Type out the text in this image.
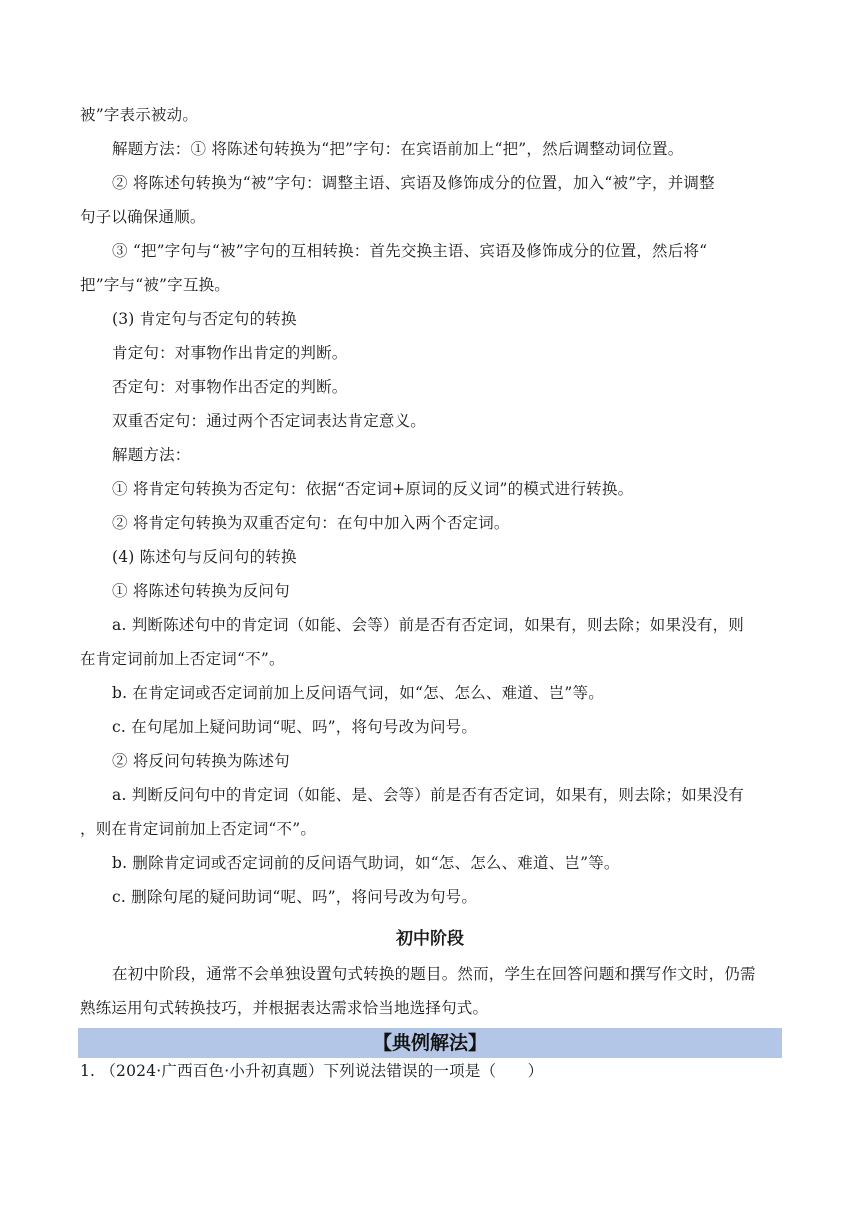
被”字表示被动。
解题方法：① 将陈述句转换为“把”字句：在宾语前加上“把”，然后调整动词位置。
② 将陈述句转换为“被”字句：调整主语、宾语及修饰成分的位置，加入“被”字，并调整
句子以确保通顺。
③ “把”字句与“被”字句的互相转换：首先交换主语、宾语及修饰成分的位置，然后将“
把”字与“被”字互换。
(3) 肯定句与否定句的转换
肯定句：对事物作出肯定的判断。
否定句：对事物作出否定的判断。
双重否定句：通过两个否定词表达肯定意义。
解题方法：
① 将肯定句转换为否定句：依据“否定词+原词的反义词”的模式进行转换。
② 将肯定句转换为双重否定句：在句中加入两个否定词。
(4) 陈述句与反问句的转换
① 将陈述句转换为反问句
a. 判断陈述句中的肯定词（如能、会等）前是否有否定词，如果有，则去除；如果没有，则
在肯定词前加上否定词“不”。
b. 在肯定词或否定词前加上反问语气词，如“怎、怎么、难道、岂”等。
c. 在句尾加上疑问助词“呢、吗”，将句号改为问号。
② 将反问句转换为陈述句
a. 判断反问句中的肯定词（如能、是、会等）前是否有否定词，如果有，则去除；如果没有
，则在肯定词前加上否定词“不”。
b. 删除肯定词或否定词前的反问语气助词，如“怎、怎么、难道、岂”等。
c. 删除句尾的疑问助词“呢、吗”，将问号改为句号。
初中阶段
在初中阶段，通常不会单独设置句式转换的题目。然而，学生在回答问题和撰写作文时，仍需
熟练运用句式转换技巧，并根据表达需求恰当地选择句式。
【典例解法】
1. （2024·广西百色·小升初真题）下列说法错误的一项是（　　）
